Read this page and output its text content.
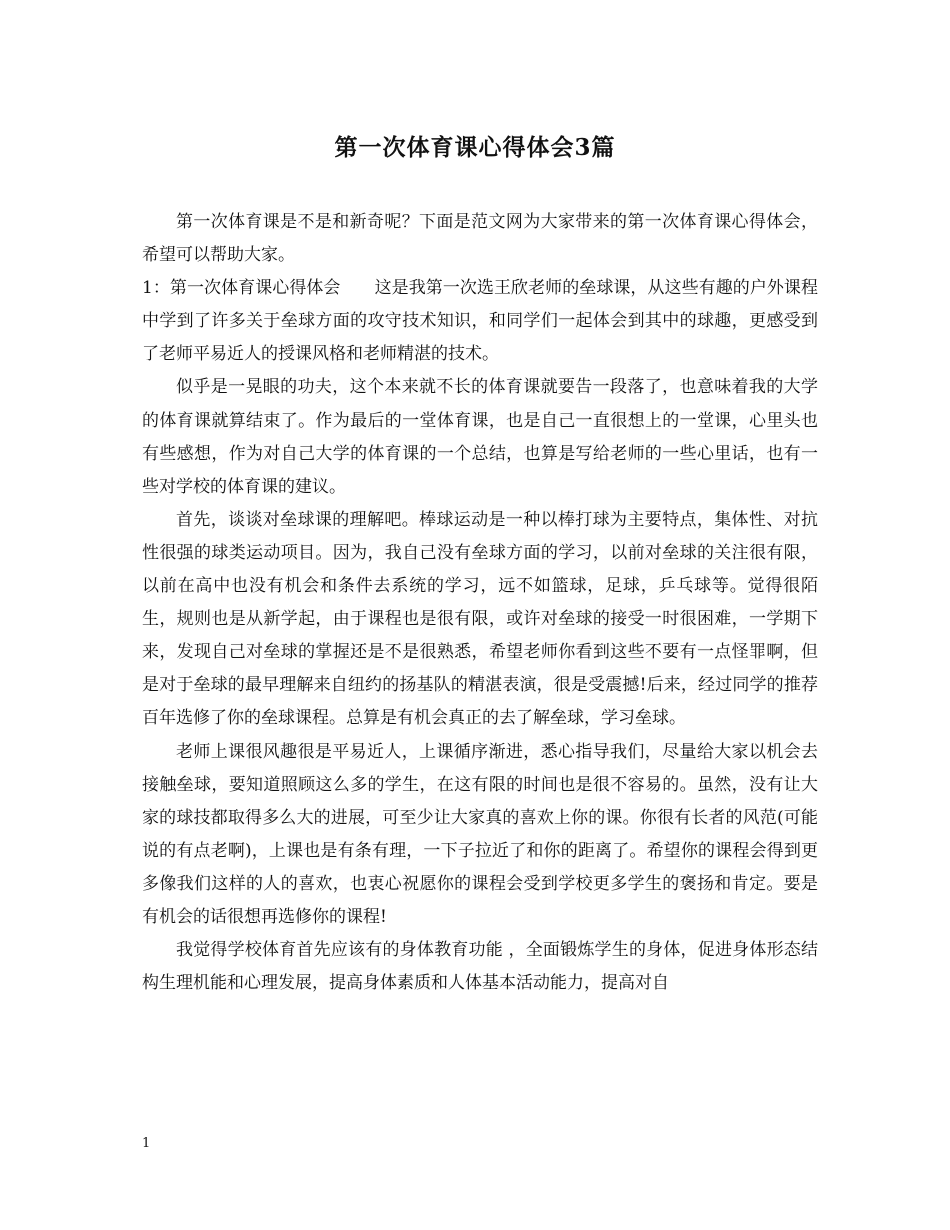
第一次体育课心得体会3篇

第一次体育课是不是和新奇呢？下面是范文网为大家带来的第一次体育课心得体会，希望可以帮助大家。

1：第一次体育课心得体会　　这是我第一次选王欣老师的垒球课，从这些有趣的户外课程中学到了许多关于垒球方面的攻守技术知识，和同学们一起体会到其中的球趣，更感受到了老师平易近人的授课风格和老师精湛的技术。

似乎是一晃眼的功夫，这个本来就不长的体育课就要告一段落了，也意味着我的大学的体育课就算结束了。作为最后的一堂体育课，也是自己一直很想上的一堂课，心里头也有些感想，作为对自己大学的体育课的一个总结，也算是写给老师的一些心里话，也有一些对学校的体育课的建议。

首先，谈谈对垒球课的理解吧。棒球运动是一种以棒打球为主要特点，集体性、对抗性很强的球类运动项目。因为，我自己没有垒球方面的学习，以前对垒球的关注很有限，以前在高中也没有机会和条件去系统的学习，远不如篮球，足球，乒乓球等。觉得很陌生，规则也是从新学起，由于课程也是很有限，或许对垒球的接受一时很困难，一学期下来，发现自己对垒球的掌握还是不是很熟悉，希望老师你看到这些不要有一点怪罪啊，但是对于垒球的最早理解来自纽约的扬基队的精湛表演，很是受震撼!后来，经过同学的推荐百年选修了你的垒球课程。总算是有机会真正的去了解垒球，学习垒球。

老师上课很风趣很是平易近人，上课循序渐进，悉心指导我们，尽量给大家以机会去接触垒球，要知道照顾这么多的学生，在这有限的时间也是很不容易的。虽然，没有让大家的球技都取得多么大的进展，可至少让大家真的喜欢上你的课。你很有长者的风范(可能说的有点老啊)，上课也是有条有理，一下子拉近了和你的距离了。希望你的课程会得到更多像我们这样的人的喜欢，也衷心祝愿你的课程会受到学校更多学生的褒扬和肯定。要是有机会的话很想再选修你的课程!

我觉得学校体育首先应该有的身体教育功能 ，全面锻炼学生的身体，促进身体形态结构生理机能和心理发展，提高身体素质和人体基本活动能力，提高对自

1
